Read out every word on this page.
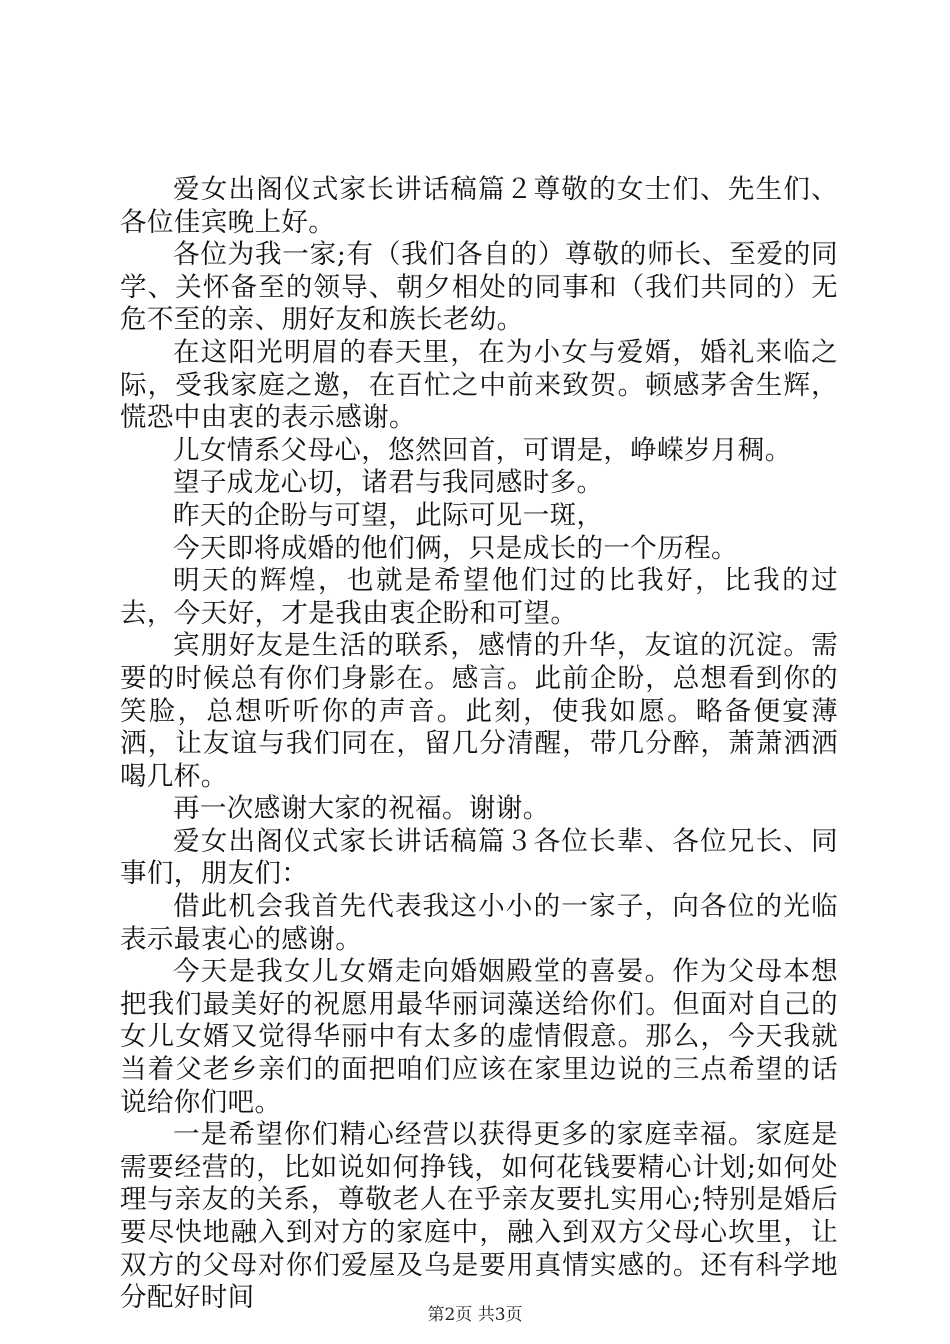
爱女出阁仪式家长讲话稿篇２尊敬的女士们、先生们、各位佳宾晚上好。

各位为我一家;有（我们各自的）尊敬的师长、至爱的同学、关怀备至的领导、朝夕相处的同事和（我们共同的）无危不至的亲、朋好友和族长老幼。

在这阳光明眉的春天里，在为小女与爱婿，婚礼来临之际，受我家庭之邀，在百忙之中前来致贺。顿感茅舍生辉，慌恐中由衷的表示感谢。

儿女情系父母心，悠然回首，可谓是，峥嵘岁月稠。

望子成龙心切，诸君与我同感时多。

昨天的企盼与可望，此际可见一斑，

今天即将成婚的他们俩，只是成长的一个历程。

明天的辉煌，也就是希望他们过的比我好，比我的过去，今天好，才是我由衷企盼和可望。

宾朋好友是生活的联系，感情的升华，友谊的沉淀。需要的时候总有你们身影在。感言。此前企盼，总想看到你的笑脸，总想听听你的声音。此刻，使我如愿。略备便宴薄洒，让友谊与我们同在，留几分清醒，带几分醉，萧萧洒洒喝几杯。

再一次感谢大家的祝福。谢谢。

爱女出阁仪式家长讲话稿篇３各位长辈、各位兄长、同事们，朋友们：

借此机会我首先代表我这小小的一家子，向各位的光临表示最衷心的感谢。

今天是我女儿女婿走向婚姻殿堂的喜晏。作为父母本想把我们最美好的祝愿用最华丽词藻送给你们。但面对自己的女儿女婿又觉得华丽中有太多的虚情假意。那么，今天我就当着父老乡亲们的面把咱们应该在家里边说的三点希望的话说给你们吧。

一是希望你们精心经营以获得更多的家庭幸福。家庭是需要经营的，比如说如何挣钱，如何花钱要精心计划;如何处理与亲友的关系，尊敬老人在乎亲友要扎实用心;特别是婚后要尽快地融入到对方的家庭中，融入到双方父母心坎里，让双方的父母对你们爱屋及乌是要用真情实感的。还有科学地分配好时间

第2页 共3页
